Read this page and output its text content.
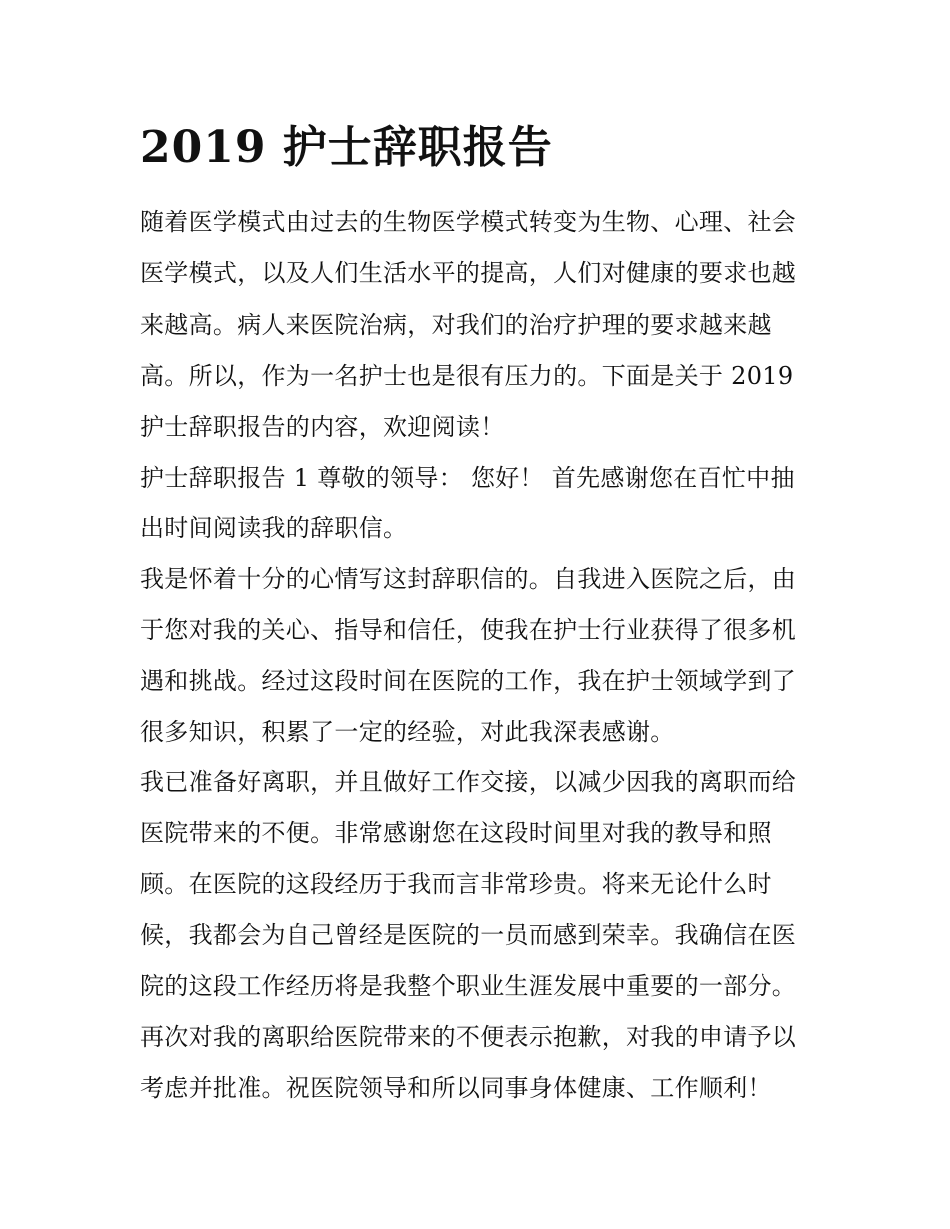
2019 护士辞职报告
随着医学模式由过去的生物医学模式转变为生物、心理、社会
医学模式，以及人们生活水平的提高，人们对健康的要求也越
来越高。病人来医院治病，对我们的治疗护理的要求越来越
高。所以，作为一名护士也是很有压力的。下面是关于 2019
护士辞职报告的内容，欢迎阅读！
护士辞职报告 1 尊敬的领导： 您好！ 首先感谢您在百忙中抽
出时间阅读我的辞职信。
我是怀着十分的心情写这封辞职信的。自我进入医院之后，由
于您对我的关心、指导和信任，使我在护士行业获得了很多机
遇和挑战。经过这段时间在医院的工作，我在护士领域学到了
很多知识，积累了一定的经验，对此我深表感谢。
我已准备好离职，并且做好工作交接，以减少因我的离职而给
医院带来的不便。非常感谢您在这段时间里对我的教导和照
顾。在医院的这段经历于我而言非常珍贵。将来无论什么时
候，我都会为自己曾经是医院的一员而感到荣幸。我确信在医
院的这段工作经历将是我整个职业生涯发展中重要的一部分。
再次对我的离职给医院带来的不便表示抱歉，对我的申请予以
考虑并批准。祝医院领导和所以同事身体健康、工作顺利！
